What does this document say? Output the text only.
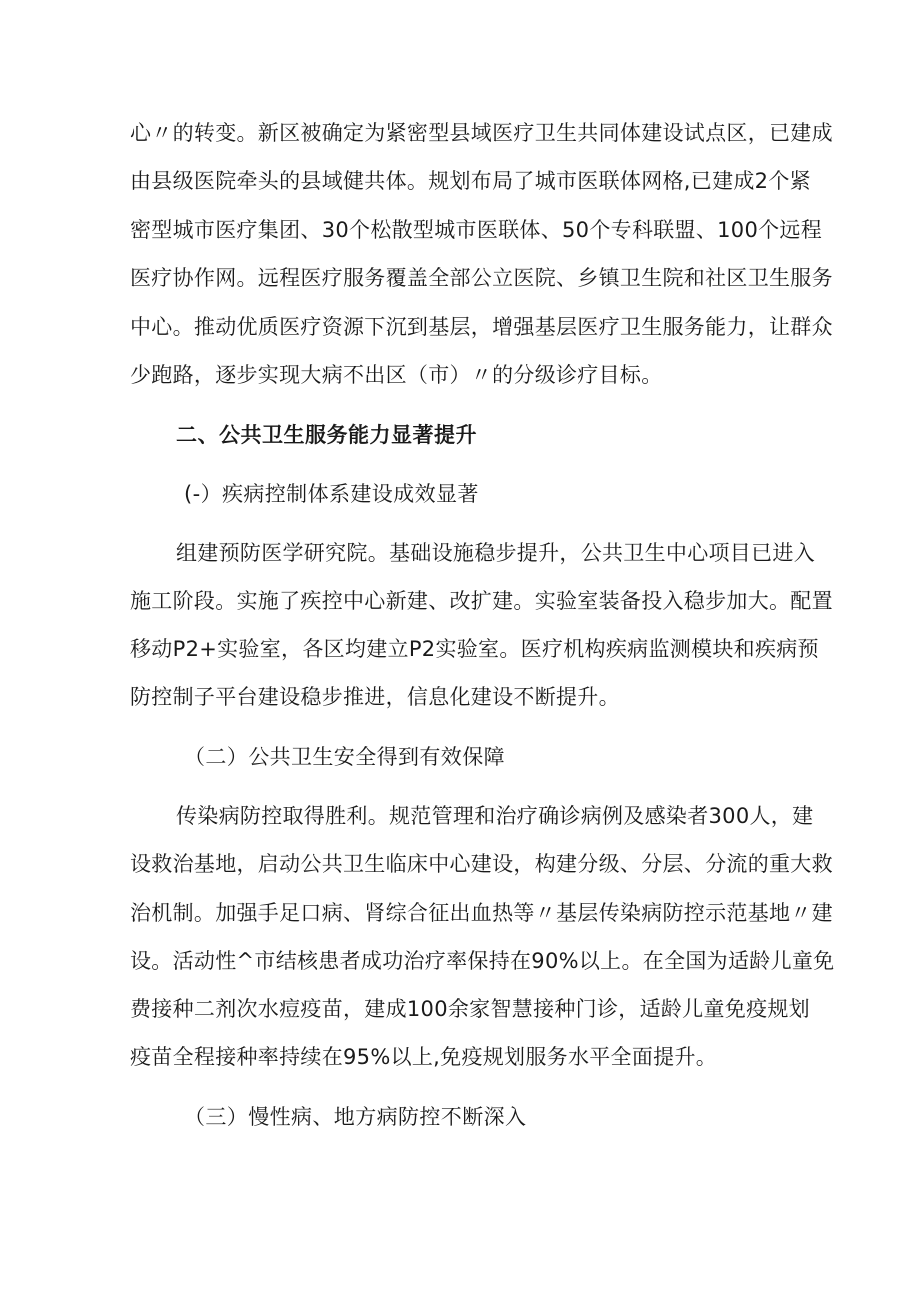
心〃的转变。新区被确定为紧密型县域医疗卫生共同体建设试点区，已建成
由县级医院牵头的县域健共体。规划布局了城市医联体网格,已建成2个紧
密型城市医疗集团、30个松散型城市医联体、50个专科联盟、100个远程
医疗协作网。远程医疗服务覆盖全部公立医院、乡镇卫生院和社区卫生服务
中心。推动优质医疗资源下沉到基层，增强基层医疗卫生服务能力，让群众
少跑路，逐步实现大病不出区（市）〃的分级诊疗目标。
二、公共卫生服务能力显著提升
(-）疾病控制体系建设成效显著
组建预防医学研究院。基础设施稳步提升，公共卫生中心项目已进入
施工阶段。实施了疾控中心新建、改扩建。实验室装备投入稳步加大。配置
移动P2+实验室，各区均建立P2实验室。医疗机构疾病监测模块和疾病预
防控制子平台建设稳步推进，信息化建设不断提升。
（二）公共卫生安全得到有效保障
传染病防控取得胜利。规范管理和治疗确诊病例及感染者300人，建
设救治基地，启动公共卫生临床中心建设，构建分级、分层、分流的重大救
治机制。加强手足口病、肾综合征出血热等〃基层传染病防控示范基地〃建
设。活动性^市结核患者成功治疗率保持在90%以上。在全国为适龄儿童免
费接种二剂次水痘疫苗，建成100余家智慧接种门诊，适龄儿童免疫规划
疫苗全程接种率持续在95%以上,免疫规划服务水平全面提升。
（三）慢性病、地方病防控不断深入
